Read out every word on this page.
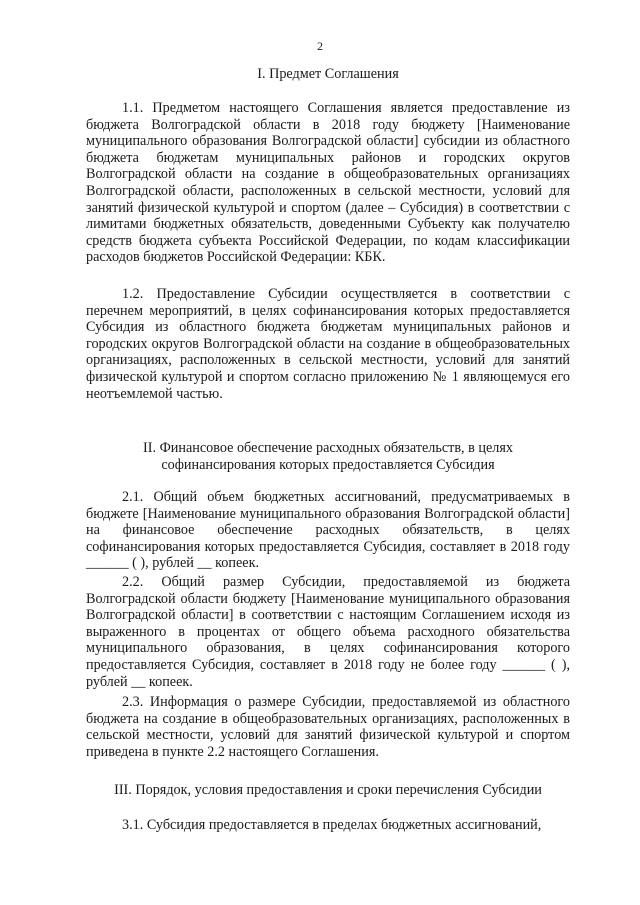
2
I. Предмет Соглашения
1.1. Предметом настоящего Соглашения является предоставление из бюджета Волгоградской области в 2018 году бюджету [Наименование муниципального образования Волгоградской области] субсидии из областного бюджета бюджетам муниципальных районов и городских округов Волгоградской области на создание в общеобразовательных организациях Волгоградской области, расположенных в сельской местности, условий для занятий физической культурой и спортом (далее – Субсидия) в соответствии с лимитами бюджетных обязательств, доведенными Субъекту как получателю средств бюджета субъекта Российской Федерации, по кодам классификации расходов бюджетов Российской Федерации: КБК.
1.2. Предоставление Субсидии осуществляется в соответствии с перечнем мероприятий, в целях софинансирования которых предоставляется Субсидия из областного бюджета бюджетам муниципальных районов и городских округов Волгоградской области на создание в общеобразовательных организациях, расположенных в сельской местности, условий для занятий физической культурой и спортом согласно приложению № 1 являющемуся его неотъемлемой частью.
II. Финансовое обеспечение расходных обязательств, в целях софинансирования которых предоставляется Субсидия
2.1. Общий объем бюджетных ассигнований, предусматриваемых в бюджете [Наименование муниципального образования Волгоградской области] на финансовое обеспечение расходных обязательств, в целях софинансирования которых предоставляется Субсидия, составляет в 2018 году ______ ( ), рублей __ копеек.
2.2. Общий размер Субсидии, предоставляемой из бюджета Волгоградской области бюджету [Наименование муниципального образования Волгоградской области] в соответствии с настоящим Соглашением исходя из выраженного в процентах от общего объема расходного обязательства муниципального образования, в целях софинансирования которого предоставляется Субсидия, составляет в 2018 году не более году ______ ( ), рублей __ копеек.
2.3. Информация о размере Субсидии, предоставляемой из областного бюджета на создание в общеобразовательных организациях, расположенных в сельской местности, условий для занятий физической культурой и спортом приведена в пункте 2.2 настоящего Соглашения.
III. Порядок, условия предоставления и сроки перечисления Субсидии
3.1. Субсидия предоставляется в пределах бюджетных ассигнований,
